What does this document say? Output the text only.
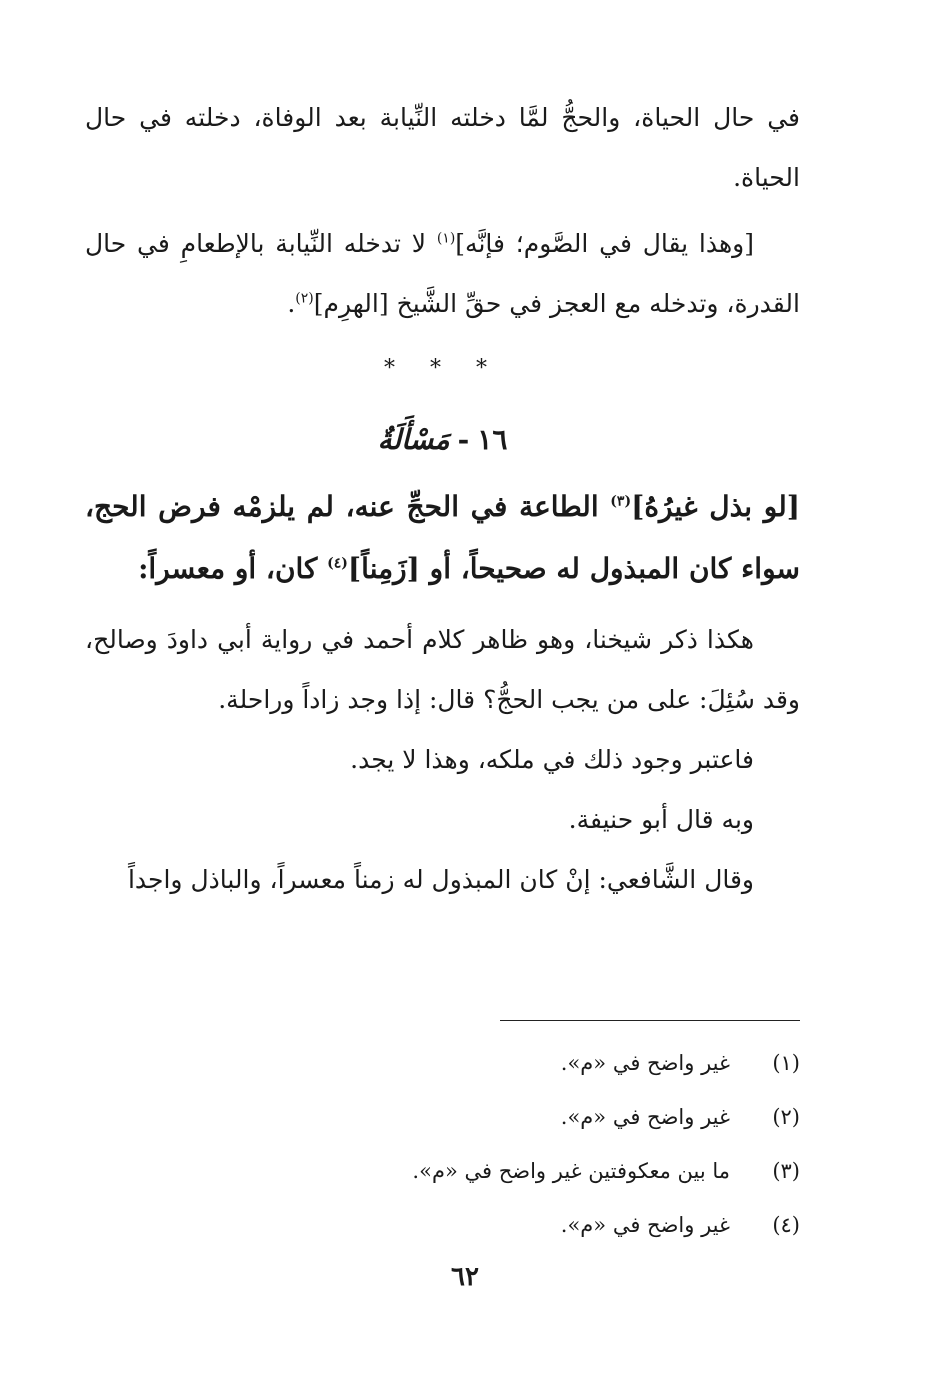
في حال الحياة، والحجُّ لمَّا دخلته النِّيابة بعد الوفاة، دخلته في حال الحياة.

[وهذا يقال في الصَّوم؛ فإنَّه]$^{(١)}$ لا تدخله النِّيابة بالإطعامِ في حال القدرة، وتدخله مع العجز في حقِّ الشَّيخ [الهرِم]$^{(٢)}$.

* * *
١٦-مَسْأَلَةٌ

[لو بذل غيرُهُ]$^{(٣)}$ الطاعة في الحجِّ عنه، لم يلزمْه فرض الحج، سواء كان المبذول له صحيحاً، أو [زَمِناً]$^{(٤)}$ كان، أو معسراً:

هكذا ذكر شيخنا، وهو ظاهر كلام أحمد في رواية أبي داودَ وصالح، وقد سُئِلَ: على من يجب الحجُّ؟ قال: إذا وجد زاداً وراحلة.

فاعتبر وجود ذلك في ملكه، وهذا لا يجد.

وبه قال أبو حنيفة.

وقال الشَّافعي: إنْ كان المبذول له زمناً معسراً، والباذل واجداً

(١)
غير واضح في «م».
(٢)
غير واضح في «م».
(٣)
ما بين معكوفتين غير واضح في «م».
(٤)
غير واضح في «م».
٦٢
